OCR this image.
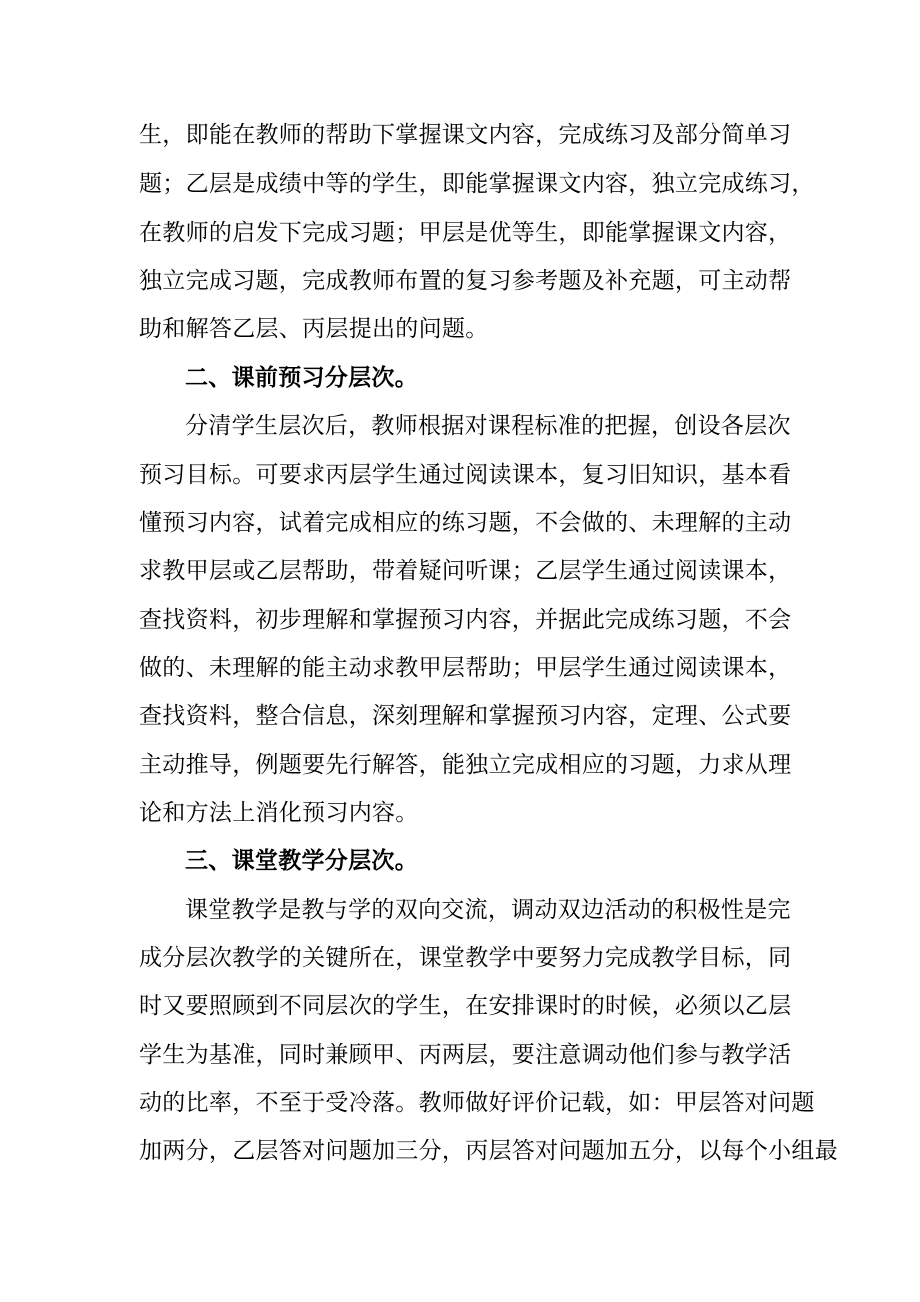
生，即能在教师的帮助下掌握课文内容，完成练习及部分简单习
题；乙层是成绩中等的学生，即能掌握课文内容，独立完成练习，
在教师的启发下完成习题；甲层是优等生，即能掌握课文内容，
独立完成习题，完成教师布置的复习参考题及补充题，可主动帮
助和解答乙层、丙层提出的问题。
二、课前预习分层次。
分清学生层次后，教师根据对课程标准的把握，创设各层次
预习目标。可要求丙层学生通过阅读课本，复习旧知识，基本看
懂预习内容，试着完成相应的练习题，不会做的、未理解的主动
求教甲层或乙层帮助，带着疑问听课；乙层学生通过阅读课本，
查找资料，初步理解和掌握预习内容，并据此完成练习题，不会
做的、未理解的能主动求教甲层帮助；甲层学生通过阅读课本，
查找资料，整合信息，深刻理解和掌握预习内容，定理、公式要
主动推导，例题要先行解答，能独立完成相应的习题，力求从理
论和方法上消化预习内容。
三、课堂教学分层次。
课堂教学是教与学的双向交流，调动双边活动的积极性是完
成分层次教学的关键所在，课堂教学中要努力完成教学目标，同
时又要照顾到不同层次的学生，在安排课时的时候，必须以乙层
学生为基准，同时兼顾甲、丙两层，要注意调动他们参与教学活
动的比率，不至于受冷落。教师做好评价记载，如：甲层答对问题
加两分，乙层答对问题加三分，丙层答对问题加五分，以每个小组最
